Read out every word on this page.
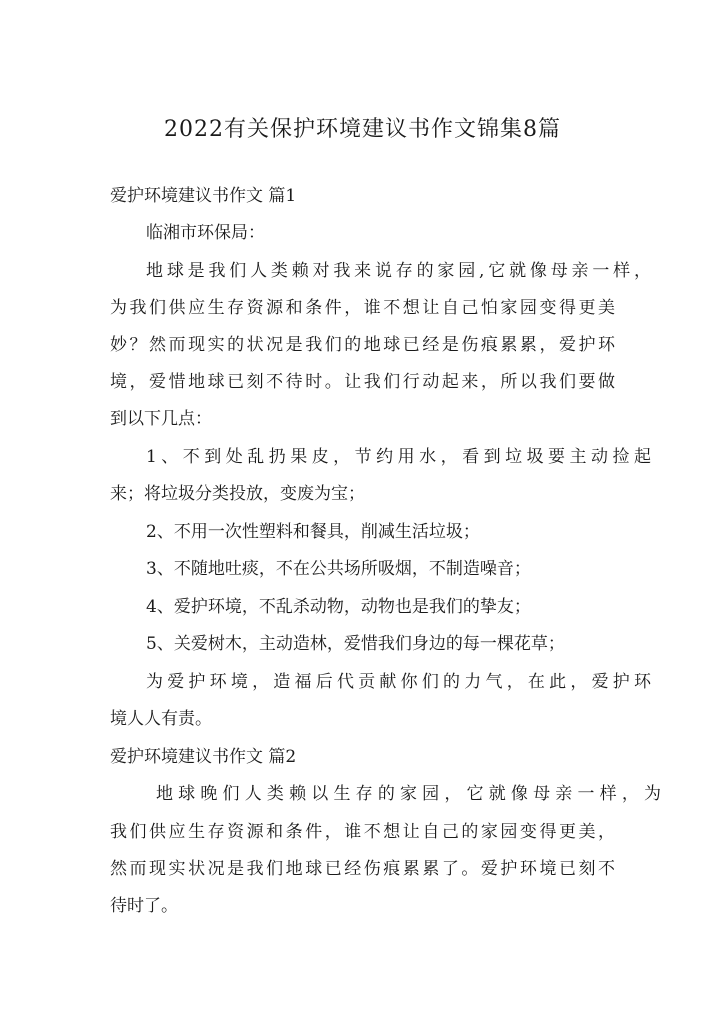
2022有关保护环境建议书作文锦集8篇

爱护环境建议书作文 篇1

临湘市环保局：

地球是我们人类赖对我来说存的家园,它就像母亲一样，

为我们供应生存资源和条件，谁不想让自己怕家园变得更美

妙？然而现实的状况是我们的地球已经是伤痕累累，爱护环

境，爱惜地球已刻不待时。让我们行动起来，所以我们要做

到以下几点：

1、不到处乱扔果皮，节约用水，看到垃圾要主动捡起

来；将垃圾分类投放，变废为宝；

2、不用一次性塑料和餐具，削减生活垃圾；

3、不随地吐痰，不在公共场所吸烟，不制造噪音；

4、爱护环境，不乱杀动物，动物也是我们的挚友；

5、关爱树木，主动造林，爱惜我们身边的每一棵花草；

为爱护环境，造福后代贡献你们的力气，在此，爱护环

境人人有责。

爱护环境建议书作文 篇2

地球晚们人类赖以生存的家园，它就像母亲一样，为

我们供应生存资源和条件，谁不想让自己的家园变得更美，

然而现实状况是我们地球已经伤痕累累了。爱护环境已刻不

待时了。
